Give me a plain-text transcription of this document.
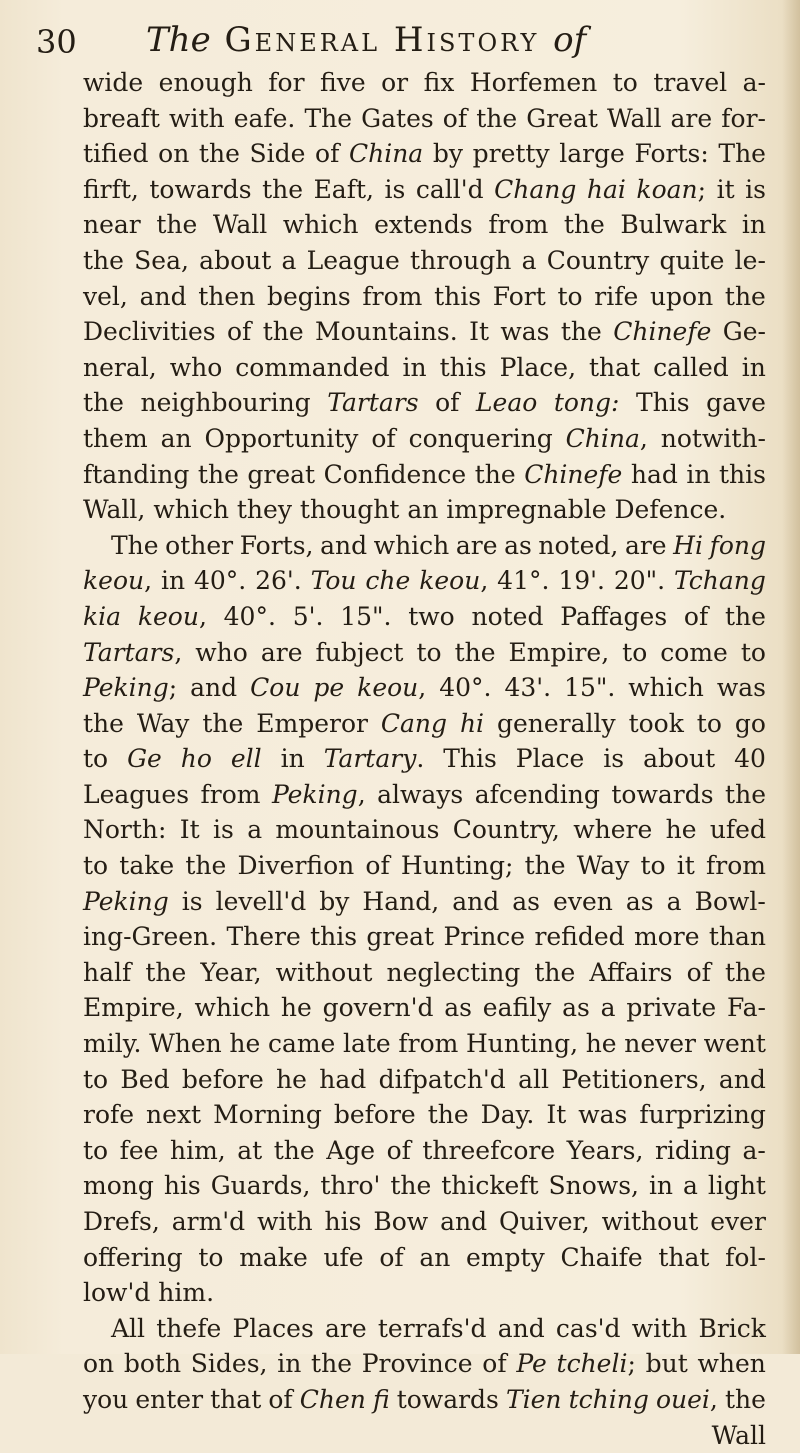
30 The General History of
wide enough for five or fix Horfemen to travel a-
breaft with eafe. The Gates of the Great Wall are for-
tified on the Side of China by pretty large Forts: The
firft, towards the Eaft, is call'd Chang hai koan; it is
near the Wall which extends from the Bulwark in
the Sea, about a League through a Country quite le-
vel, and then begins from this Fort to rife upon the
Declivities of the Mountains. It was the Chinefe Ge-
neral, who commanded in this Place, that called in
the neighbouring Tartars of Leao tong: This gave
them an Opportunity of conquering China, notwith-
ftanding the great Confidence the Chinefe had in this
Wall,
which
they
thought
an
impregnable
Defence.
The other Forts, and which are as noted, are Hi fong
keou, in 40°. 26'. Tou che keou, 41°. 19'. 20". Tchang
kia keou, 40°. 5'. 15". two noted Paffages of the
Tartars, who are fubject to the Empire, to come to
Peking; and Cou pe keou, 40°. 43'. 15". which was
the Way the Emperor Cang hi generally took to go
to Ge ho ell in Tartary. This Place is about 40
Leagues from Peking, always afcending towards the
North: It is a mountainous Country, where he ufed
to take the Diverfion of Hunting; the Way to it from
Peking is levell'd by Hand, and as even as a Bowl-
ing-Green. There this great Prince refided more than
half the Year, without neglecting the Affairs of the
Empire, which he govern'd as eafily as a private Fa-
mily. When he came late from Hunting, he never went
to Bed before he had difpatch'd all Petitioners, and
rofe next Morning before the Day. It was furprizing
to fee him, at the Age of threefcore Years, riding a-
mong his Guards, thro' the thickeft Snows, in a light
Drefs, arm'd with his Bow and Quiver, without ever
offering to make ufe of an empty Chaife that fol-
low'd
him.
All thefe Places are terrafs'd and cas'd with Brick
on both Sides, in the Province of Pe tcheli; but when
you enter that of Chen fi towards Tien tching ouei, the
Wall
